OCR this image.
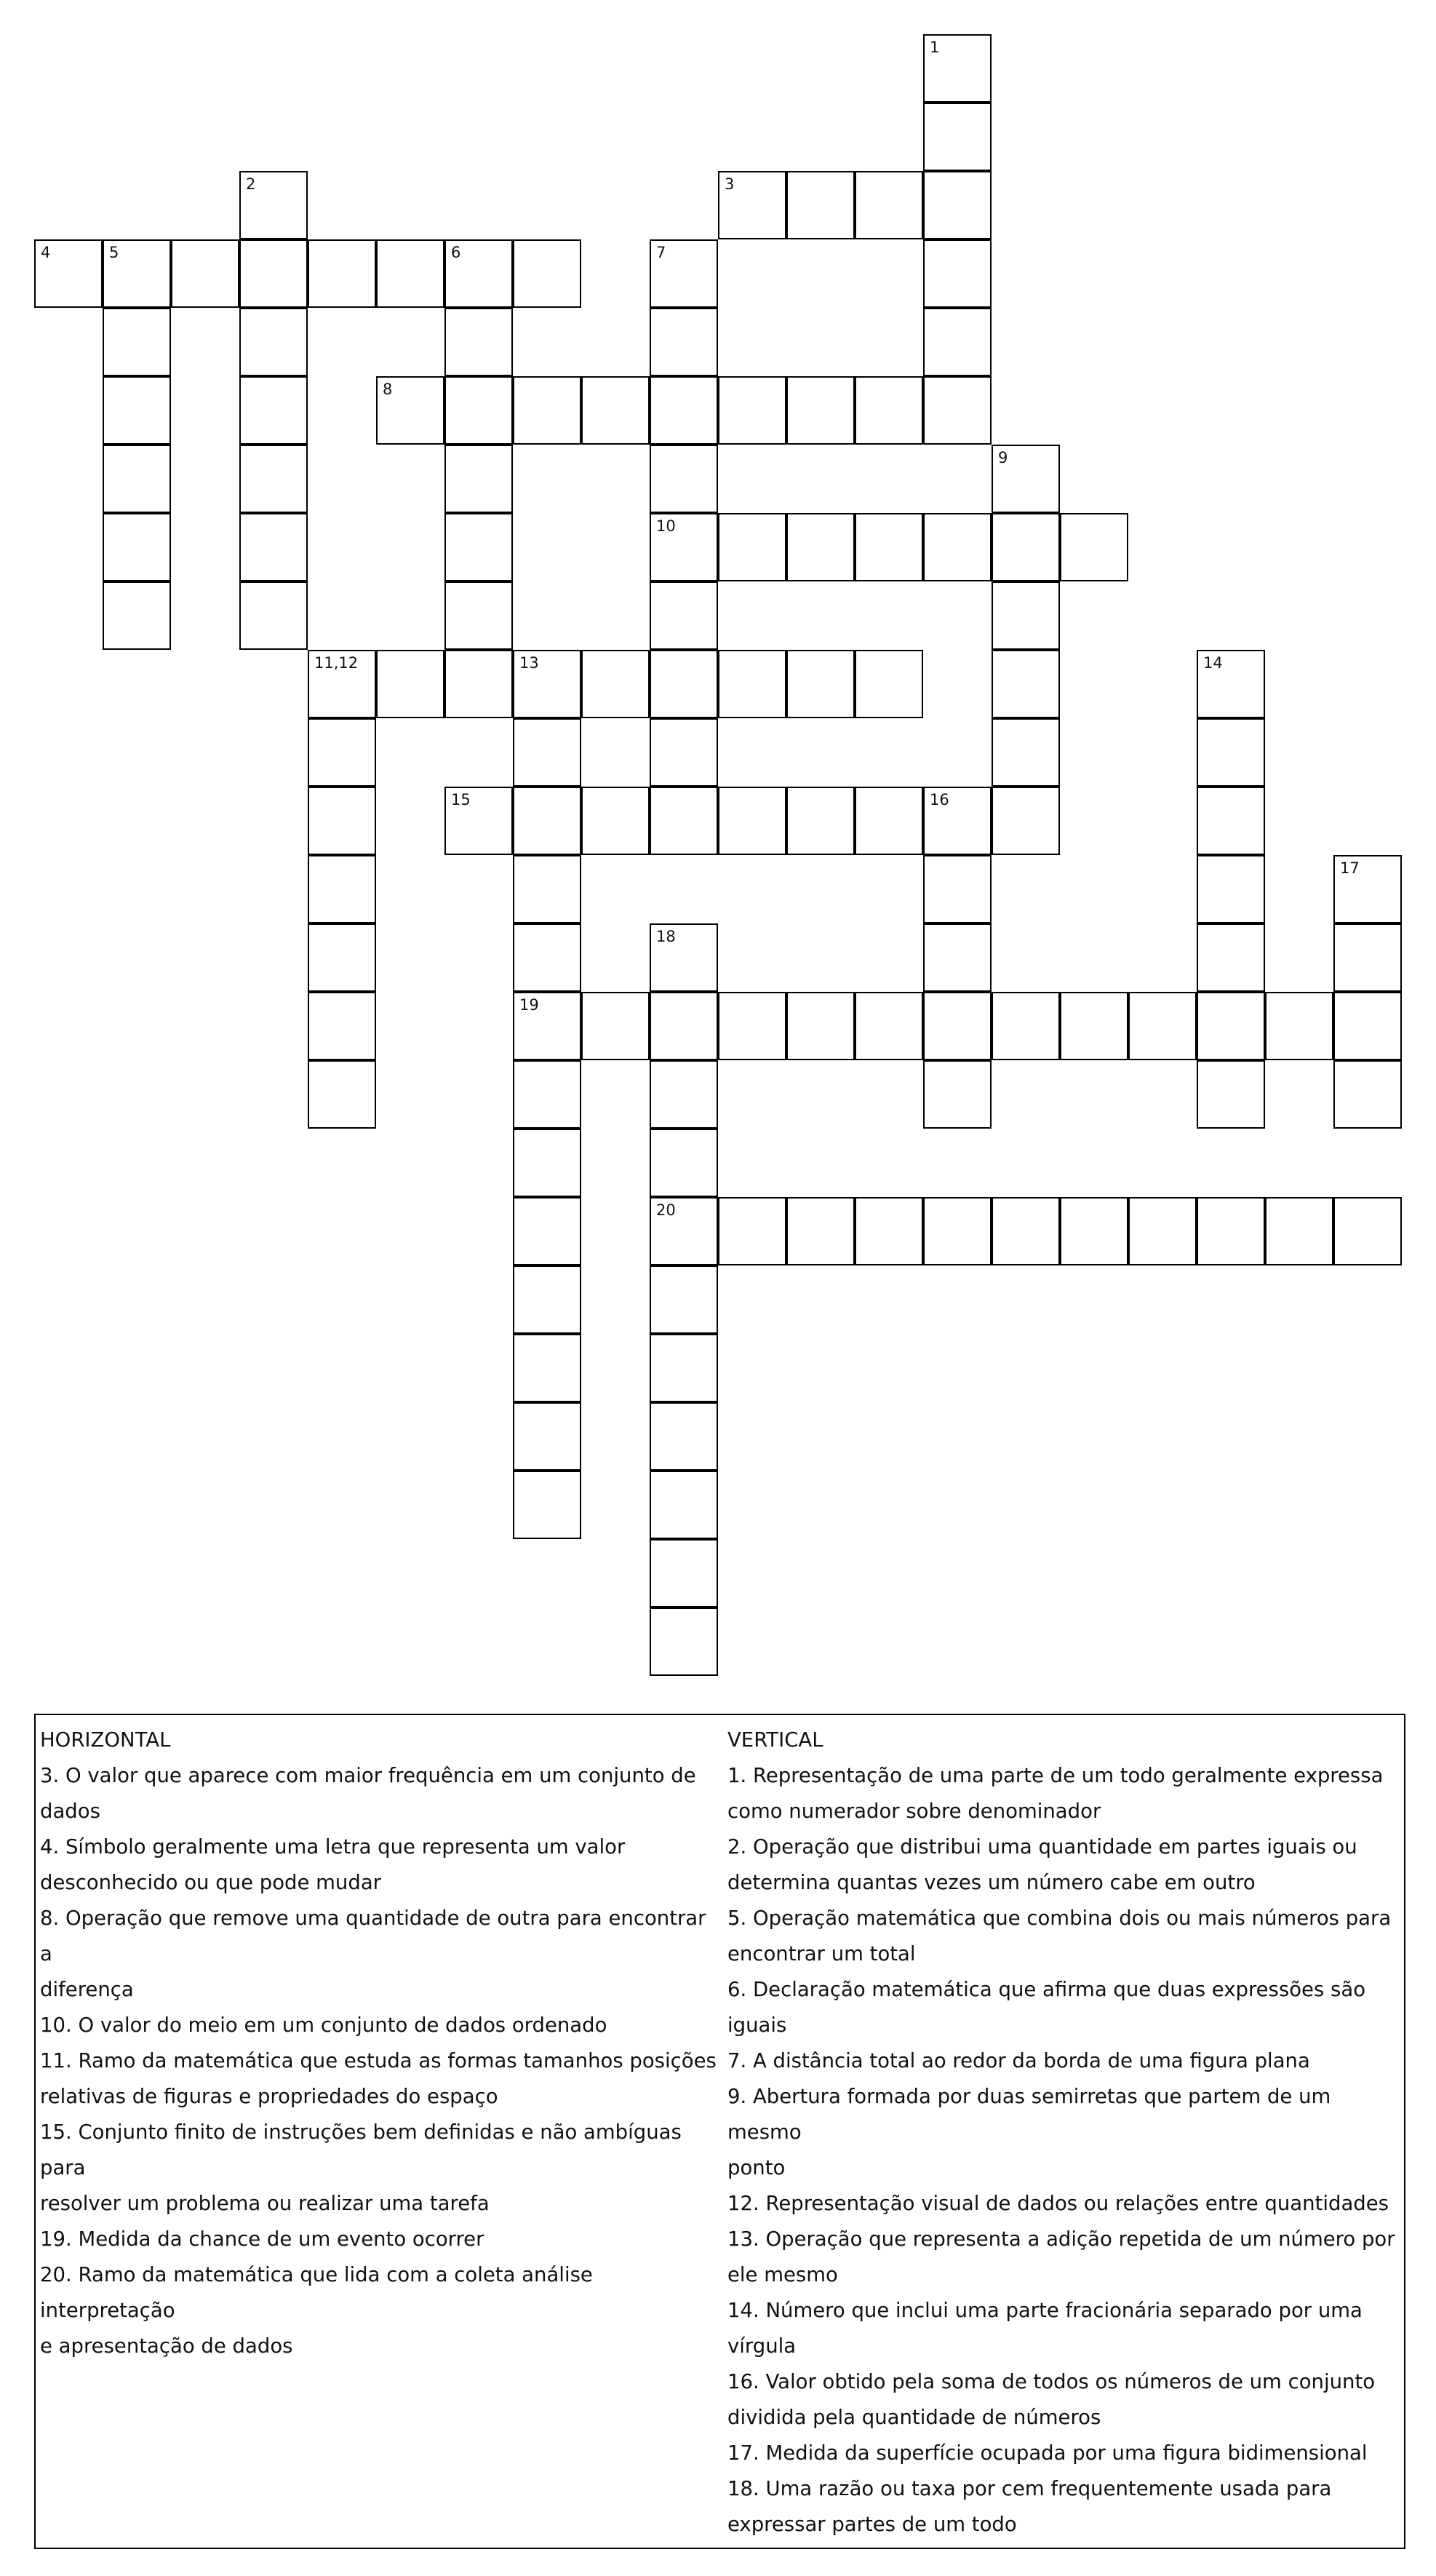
1
2	3
4	5	6	7
8
9
10
11,12	13	14
15	16
17
18
19
20

HORIZONTAL

3. O valor que aparece com maior frequência em um conjunto de

dados

4. Símbolo geralmente uma letra que representa um valor

desconhecido ou que pode mudar

8. Operação que remove uma quantidade de outra para encontrar a

diferença

10. O valor do meio em um conjunto de dados ordenado

11. Ramo da matemática que estuda as formas tamanhos posições

relativas de figuras e propriedades do espaço

15. Conjunto finito de instruções bem definidas e não ambíguas para

resolver um problema ou realizar uma tarefa

19. Medida da chance de um evento ocorrer

20. Ramo da matemática que lida com a coleta análise interpretação

e apresentação de dados

VERTICAL

1. Representação de uma parte de um todo geralmente expressa

como numerador sobre denominador

2. Operação que distribui uma quantidade em partes iguais ou

determina quantas vezes um número cabe em outro

5. Operação matemática que combina dois ou mais números para

encontrar um total

6. Declaração matemática que afirma que duas expressões são

iguais

7. A distância total ao redor da borda de uma figura plana

9. Abertura formada por duas semirretas que partem de um mesmo

ponto

12. Representação visual de dados ou relações entre quantidades

13. Operação que representa a adição repetida de um número por

ele mesmo

14. Número que inclui uma parte fracionária separado por uma

vírgula

16. Valor obtido pela soma de todos os números de um conjunto

dividida pela quantidade de números

17. Medida da superfície ocupada por uma figura bidimensional

18. Uma razão ou taxa por cem frequentemente usada para

expressar partes de um todo
